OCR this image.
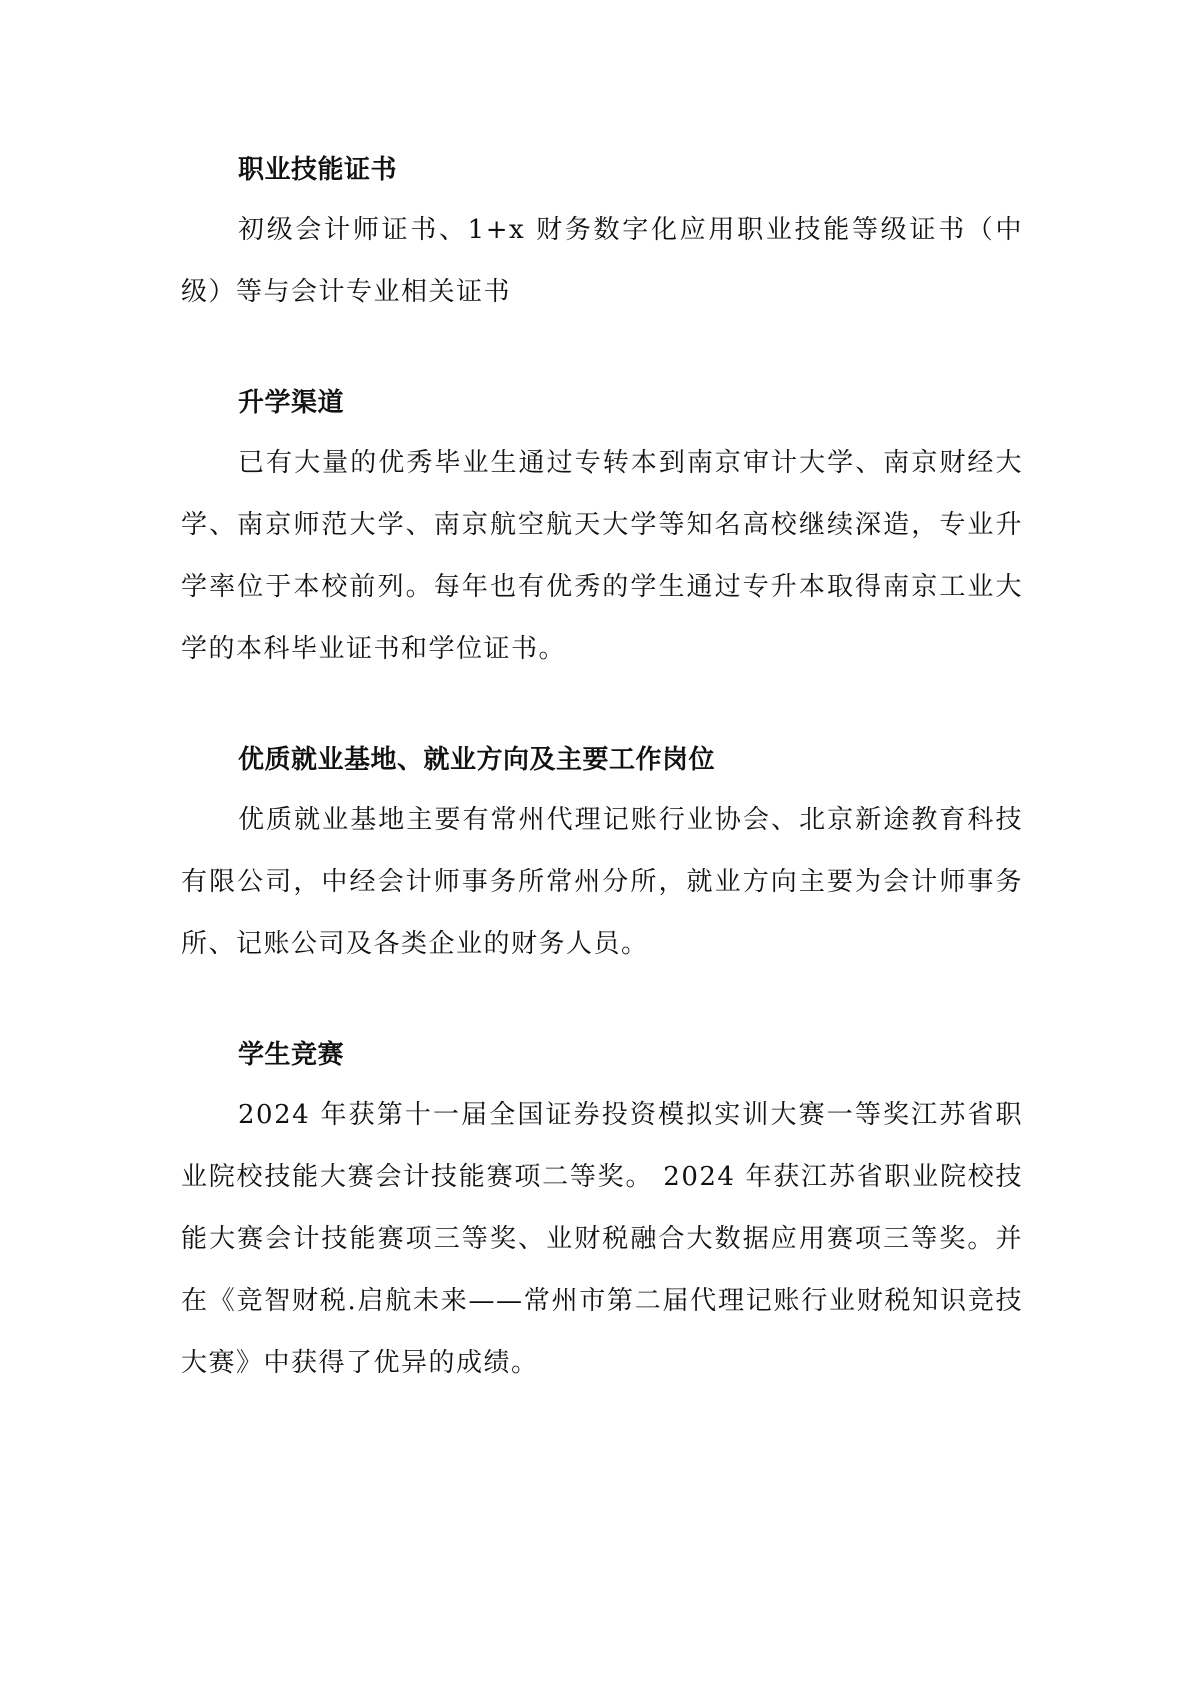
职业技能证书
初级会计师证书、1+x 财务数字化应用职业技能等级证书（中级）等与会计专业相关证书
升学渠道
已有大量的优秀毕业生通过专转本到南京审计大学、南京财经大学、南京师范大学、南京航空航天大学等知名高校继续深造，专业升学率位于本校前列。每年也有优秀的学生通过专升本取得南京工业大学的本科毕业证书和学位证书。
优质就业基地、就业方向及主要工作岗位
优质就业基地主要有常州代理记账行业协会、北京新途教育科技有限公司，中经会计师事务所常州分所，就业方向主要为会计师事务所、记账公司及各类企业的财务人员。
学生竞赛
2024 年获第十一届全国证券投资模拟实训大赛一等奖江苏省职业院校技能大赛会计技能赛项二等奖。 2024 年获江苏省职业院校技能大赛会计技能赛项三等奖、业财税融合大数据应用赛项三等奖。并在《竞智财税.启航未来——常州市第二届代理记账行业财税知识竞技大赛》中获得了优异的成绩。
